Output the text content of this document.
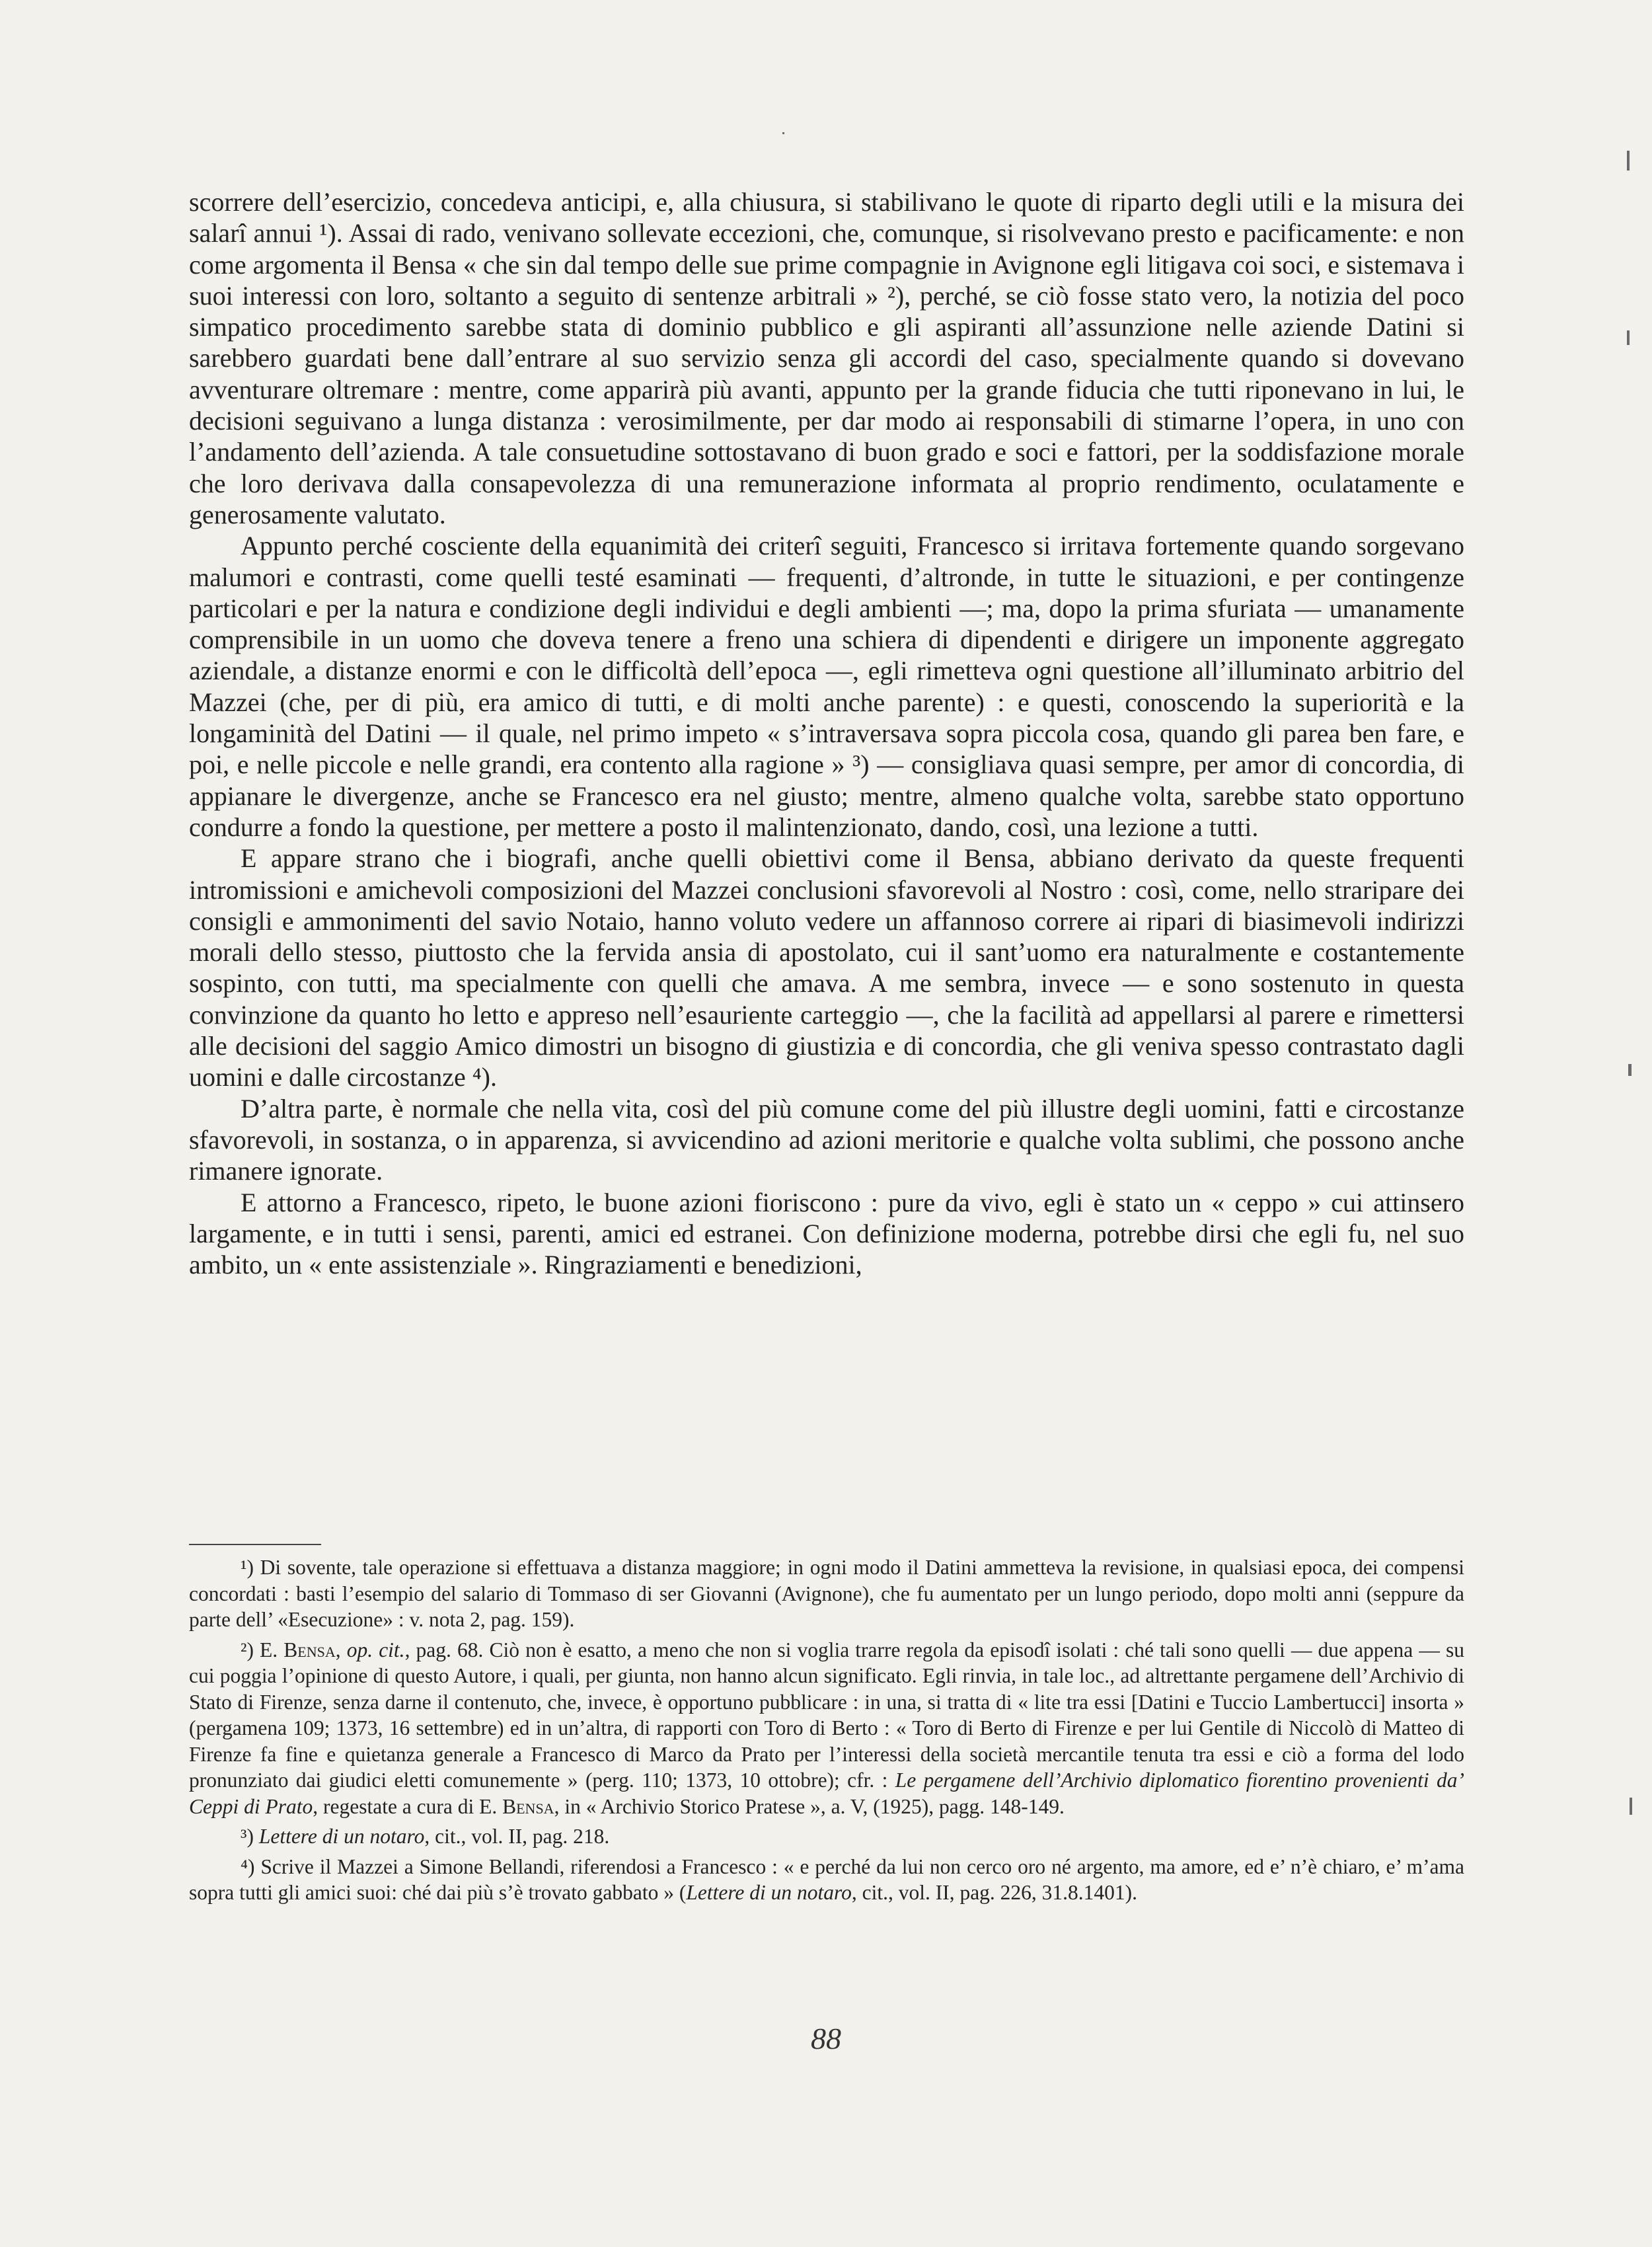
scorrere dell’esercizio, concedeva anticipi, e, alla chiusura, si stabilivano le quote di riparto degli utili e la misura dei salarî annui ¹). Assai di rado, venivano sollevate eccezioni, che, comunque, si risolvevano presto e pacificamente: e non come argomenta il Bensa « che sin dal tempo delle sue prime compagnie in Avignone egli litigava coi soci, e sistemava i suoi interessi con loro, soltanto a seguito di sentenze arbitrali » ²), perché, se ciò fosse stato vero, la notizia del poco simpatico procedimento sarebbe stata di dominio pubblico e gli aspiranti all’assunzione nelle aziende Datini si sarebbero guardati bene dall’entrare al suo servizio senza gli accordi del caso, specialmente quando si dovevano avventurare oltremare : mentre, come apparirà più avanti, appunto per la grande fiducia che tutti riponevano in lui, le decisioni seguivano a lunga distanza : verosimilmente, per dar modo ai responsabili di stimarne l’opera, in uno con l’andamento dell’azienda. A tale consuetudine sottostavano di buon grado e soci e fattori, per la soddisfazione morale che loro derivava dalla consapevolezza di una remunerazione informata al proprio rendimento, oculatamente e generosamente valutato.

Appunto perché cosciente della equanimità dei criterî seguiti, Francesco si irritava fortemente quando sorgevano malumori e contrasti, come quelli testé esaminati — frequenti, d’altronde, in tutte le situazioni, e per contingenze particolari e per la natura e condizione degli individui e degli ambienti —; ma, dopo la prima sfuriata — umanamente comprensibile in un uomo che doveva tenere a freno una schiera di dipendenti e dirigere un imponente aggregato aziendale, a distanze enormi e con le difficoltà dell’epoca —, egli rimetteva ogni questione all’illuminato arbitrio del Mazzei (che, per di più, era amico di tutti, e di molti anche parente) : e questi, conoscendo la superiorità e la longaminità del Datini — il quale, nel primo impeto « s’intraversava sopra piccola cosa, quando gli parea ben fare, e poi, e nelle piccole e nelle grandi, era contento alla ragione » ³) — consigliava quasi sempre, per amor di concordia, di appianare le divergenze, anche se Francesco era nel giusto; mentre, almeno qualche volta, sarebbe stato opportuno condurre a fondo la questione, per mettere a posto il malintenzionato, dando, così, una lezione a tutti.

E appare strano che i biografi, anche quelli obiettivi come il Bensa, abbiano derivato da queste frequenti intromissioni e amichevoli composizioni del Mazzei conclusioni sfavorevoli al Nostro : così, come, nello straripare dei consigli e ammonimenti del savio Notaio, hanno voluto vedere un affannoso correre ai ripari di biasimevoli indirizzi morali dello stesso, piuttosto che la fervida ansia di apostolato, cui il sant’uomo era naturalmente e costantemente sospinto, con tutti, ma specialmente con quelli che amava. A me sembra, invece — e sono sostenuto in questa convinzione da quanto ho letto e appreso nell’esauriente carteggio —, che la facilità ad appellarsi al parere e rimettersi alle decisioni del saggio Amico dimostri un bisogno di giustizia e di concordia, che gli veniva spesso contrastato dagli uomini e dalle circostanze ⁴).

D’altra parte, è normale che nella vita, così del più comune come del più illustre degli uomini, fatti e circostanze sfavorevoli, in sostanza, o in apparenza, si avvicendino ad azioni meritorie e qualche volta sublimi, che possono anche rimanere ignorate.

E attorno a Francesco, ripeto, le buone azioni fioriscono : pure da vivo, egli è stato un « ceppo » cui attinsero largamente, e in tutti i sensi, parenti, amici ed estranei. Con definizione moderna, potrebbe dirsi che egli fu, nel suo ambito, un « ente assistenziale ». Ringraziamenti e benedizioni,

¹) Di sovente, tale operazione si effettuava a distanza maggiore; in ogni modo il Datini ammetteva la revisione, in qualsiasi epoca, dei compensi concordati : basti l’esempio del salario di Tommaso di ser Giovanni (Avignone), che fu aumentato per un lungo periodo, dopo molti anni (seppure da parte dell’ «Esecuzione» : v. nota 2, pag. 159).

²) E. Bensa, op. cit., pag. 68. Ciò non è esatto, a meno che non si voglia trarre regola da episodî isolati : ché tali sono quelli — due appena — su cui poggia l’opinione di questo Autore, i quali, per giunta, non hanno alcun significato. Egli rinvia, in tale loc., ad altrettante pergamene dell’Archivio di Stato di Firenze, senza darne il contenuto, che, invece, è opportuno pubblicare : in una, si tratta di « lite tra essi [Datini e Tuccio Lambertucci] insorta » (pergamena 109; 1373, 16 settembre) ed in un’altra, di rapporti con Toro di Berto : « Toro di Berto di Firenze e per lui Gentile di Niccolò di Matteo di Firenze fa fine e quietanza generale a Francesco di Marco da Prato per l’interessi della società mercantile tenuta tra essi e ciò a forma del lodo pronunziato dai giudici eletti comunemente » (perg. 110; 1373, 10 ottobre); cfr. : Le pergamene dell’Archivio diplomatico fiorentino provenienti da’ Ceppi di Prato, regestate a cura di E. Bensa, in « Archivio Storico Pratese », a. V, (1925), pagg. 148-149.

³) Lettere di un notaro, cit., vol. II, pag. 218.

⁴) Scrive il Mazzei a Simone Bellandi, riferendosi a Francesco : « e perché da lui non cerco oro né argento, ma amore, ed e’ n’è chiaro, e’ m’ama sopra tutti gli amici suoi: ché dai più s’è trovato gabbato » (Lettere di un notaro, cit., vol. II, pag. 226, 31.8.1401).

88
